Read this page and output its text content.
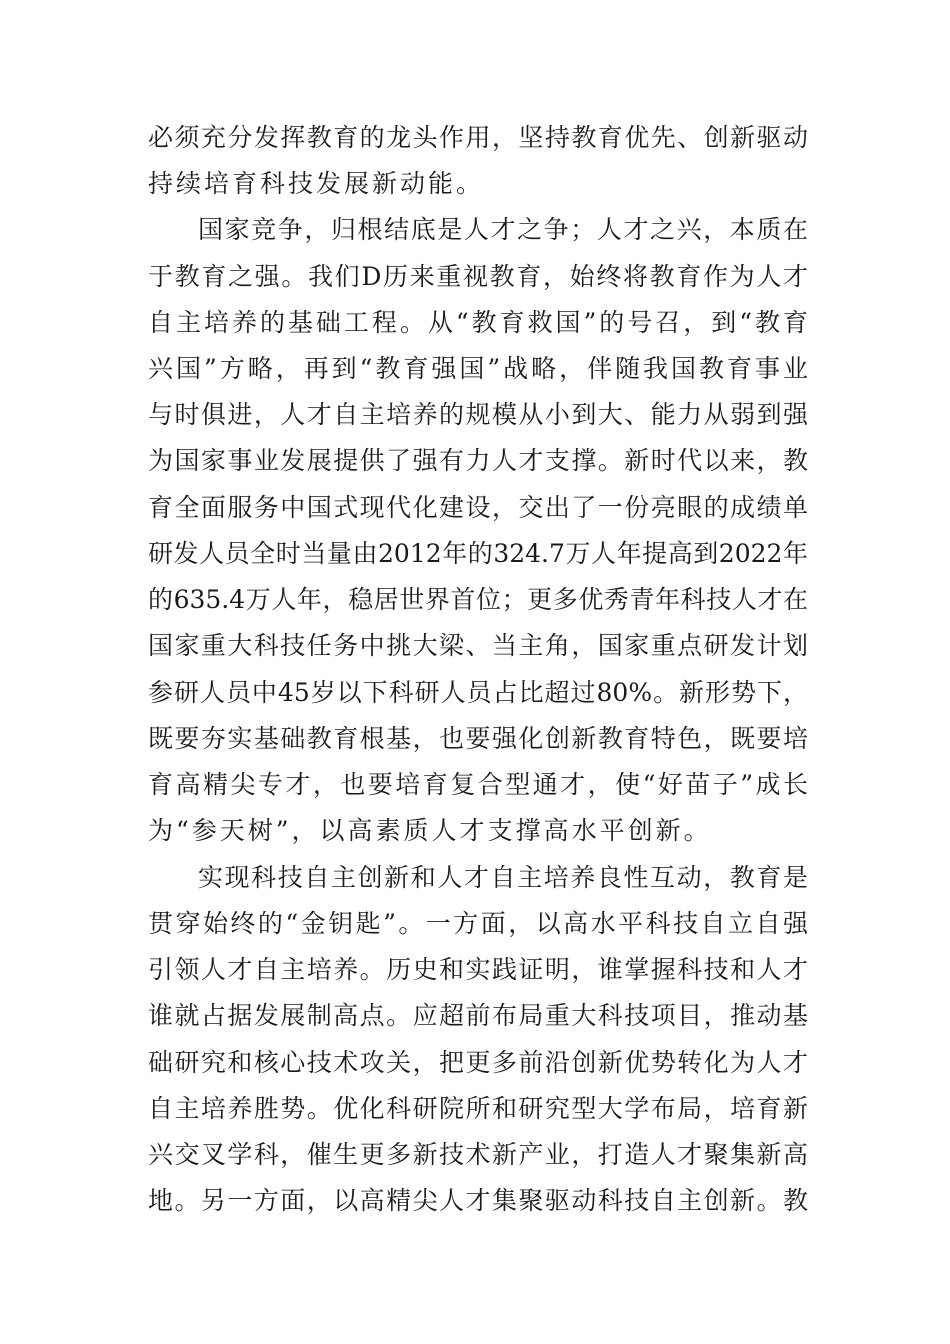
必须充分发挥教育的龙头作用，坚持教育优先、创新驱动
持续培育科技发展新动能。
国家竞争，归根结底是人才之争；人才之兴，本质在
于教育之强。我们D历来重视教育，始终将教育作为人才
自主培养的基础工程。从“教育救国”的号召，到“教育
兴国”方略，再到“教育强国”战略，伴随我国教育事业
与时俱进，人才自主培养的规模从小到大、能力从弱到强
为国家事业发展提供了强有力人才支撑。新时代以来，教
育全面服务中国式现代化建设，交出了一份亮眼的成绩单
研发人员全时当量由2012年的324.7万人年提高到2022年
的635.4万人年，稳居世界首位；更多优秀青年科技人才在
国家重大科技任务中挑大梁、当主角，国家重点研发计划
参研人员中45岁以下科研人员占比超过80%。新形势下，
既要夯实基础教育根基，也要强化创新教育特色，既要培
育高精尖专才，也要培育复合型通才，使“好苗子”成长
为“参天树”，以高素质人才支撑高水平创新。
实现科技自主创新和人才自主培养良性互动，教育是
贯穿始终的“金钥匙”。一方面，以高水平科技自立自强
引领人才自主培养。历史和实践证明，谁掌握科技和人才
谁就占据发展制高点。应超前布局重大科技项目，推动基
础研究和核心技术攻关，把更多前沿创新优势转化为人才
自主培养胜势。优化科研院所和研究型大学布局，培育新
兴交叉学科，催生更多新技术新产业，打造人才聚集新高
地。另一方面，以高精尖人才集聚驱动科技自主创新。教
